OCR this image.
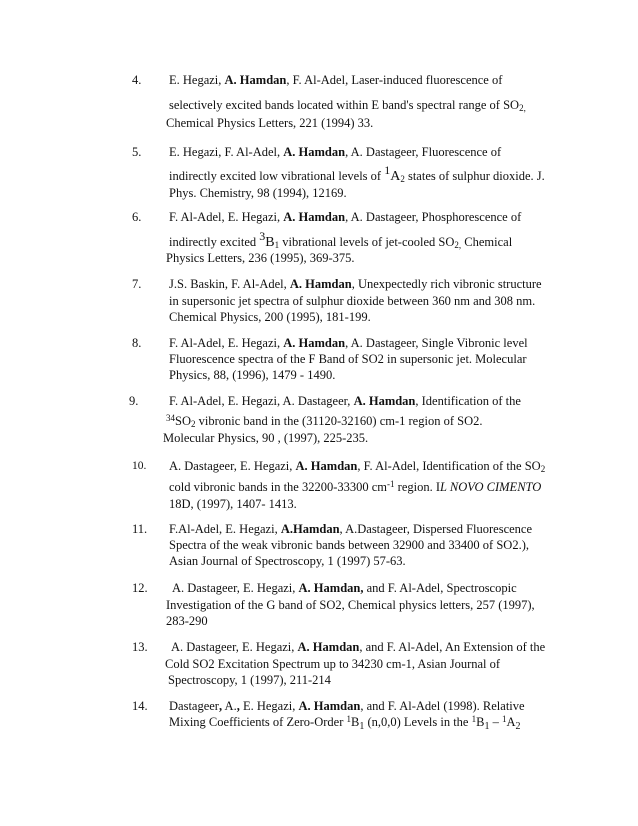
4. E. Hegazi, A. Hamdan, F. Al-Adel, Laser-induced fluorescence of
selectively excited bands located within E band's spectral range of $SO_{2,}$
Chemical Physics Letters, 221 (1994) 33.
5. E. Hegazi, F. Al-Adel, A. Hamdan, A. Dastageer, Fluorescence of
indirectly excited low vibrational levels of $1A_2$ states of sulphur dioxide. J.
Phys. Chemistry, 98 (1994), 12169.
6. F. Al-Adel, E. Hegazi, A. Hamdan, A. Dastageer, Phosphorescence of
indirectly excited $3B_1$ vibrational levels of jet-cooled $SO_{2,}$ Chemical
Physics Letters, 236 (1995), 369-375.
7. J.S. Baskin, F. Al-Adel, A. Hamdan, Unexpectedly rich vibronic structure
in supersonic jet spectra of sulphur dioxide between 360 nm and 308 nm.
Chemical Physics, 200 (1995), 181-199.
8. F. Al-Adel, E. Hegazi, A. Hamdan, A. Dastageer, Single Vibronic level
Fluorescence spectra of the F Band of SO2 in supersonic jet. Molecular
Physics, 88, (1996), 1479 - 1490.
9. F. Al-Adel, E. Hegazi, A. Dastageer, A. Hamdan, Identification of the
$^{34}SO_2$ vibronic band in the (31120-32160) cm-1 region of SO2.
Molecular Physics, 90 , (1997), 225-235.
10. A. Dastageer, E. Hegazi, A. Hamdan, F. Al-Adel, Identification of the $SO_2$
cold vibronic bands in the 32200-33300 $cm^{-1}$ region. IL NOVO CIMENTO
18D, (1997), 1407- 1413.
11. F.Al-Adel, E. Hegazi, A.Hamdan, A.Dastageer, Dispersed Fluorescence
Spectra of the weak vibronic bands between 32900 and 33400 of SO2.),
Asian Journal of Spectroscopy, 1 (1997) 57-63.
12. A. Dastageer, E. Hegazi, A. Hamdan, and F. Al-Adel, Spectroscopic
Investigation of the G band of SO2, Chemical physics letters, 257 (1997),
283-290
13. A. Dastageer, E. Hegazi, A. Hamdan, and F. Al-Adel, An Extension of the
Cold SO2 Excitation Spectrum up to 34230 cm-1, Asian Journal of
Spectroscopy, 1 (1997), 211-214
14. Dastageer, A., E. Hegazi, A. Hamdan, and F. Al-Adel (1998). Relative
Mixing Coefficients of Zero-Order $^1B_1$ (n,0,0) Levels in the $^1B_1 - ^1A_2$
